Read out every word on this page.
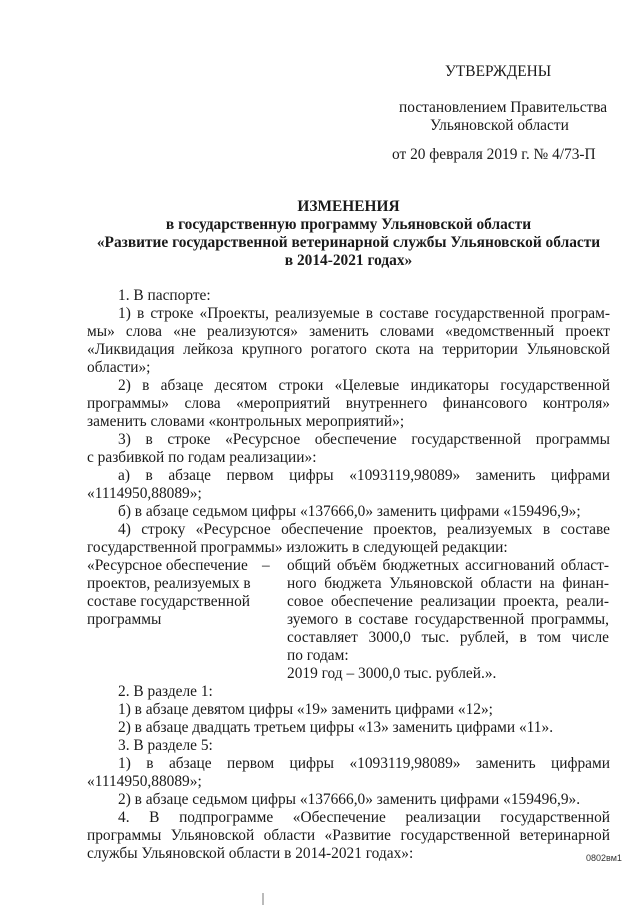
УТВЕРЖДЕНЫ
постановлением Правительства
Ульяновской области
от 20 февраля 2019 г. № 4/73-П
ИЗМЕНЕНИЯ
в государственную программу Ульяновской области
«Развитие государственной ветеринарной службы Ульяновской области
в 2014-2021 годах»
1. В паспорте:
1) в строке «Проекты, реализуемые в составе государственной програм-
мы» слова «не реализуются» заменить словами «ведомственный проект
«Ликвидация лейкоза крупного рогатого скота на территории Ульяновской
области»;
2) в абзаце десятом строки «Целевые индикаторы государственной
программы» слова «мероприятий внутреннего финансового контроля»
заменить словами «контрольных мероприятий»;
3) в строке «Ресурсное обеспечение государственной программы
с разбивкой по годам реализации»:
а) в абзаце первом цифры «1093119,98089» заменить цифрами
«1114950,88089»;
б) в абзаце седьмом цифры «137666,0» заменить цифрами «159496,9»;
4) строку «Ресурсное обеспечение проектов, реализуемых в составе
государственной программы» изложить в следующей редакции:
«Ресурсное обеспечение
проектов, реализуемых в
составе государственной
программы
– общий объём бюджетных ассигнований област-
ного бюджета Ульяновской области на финан-
совое обеспечение реализации проекта, реали-
зуемого в составе государственной программы,
составляет 3000,0 тыс. рублей, в том числе
по годам:
2019 год – 3000,0 тыс. рублей.».
2. В разделе 1:
1) в абзаце девятом цифры «19» заменить цифрами «12»;
2) в абзаце двадцать третьем цифры «13» заменить цифрами «11».
3. В разделе 5:
1) в абзаце первом цифры «1093119,98089» заменить цифрами
«1114950,88089»;
2) в абзаце седьмом цифры «137666,0» заменить цифрами «159496,9».
4. В подпрограмме «Обеспечение реализации государственной
программы Ульяновской области «Развитие государственной ветеринарной
службы Ульяновской области в 2014-2021 годах»:	0802вм1
